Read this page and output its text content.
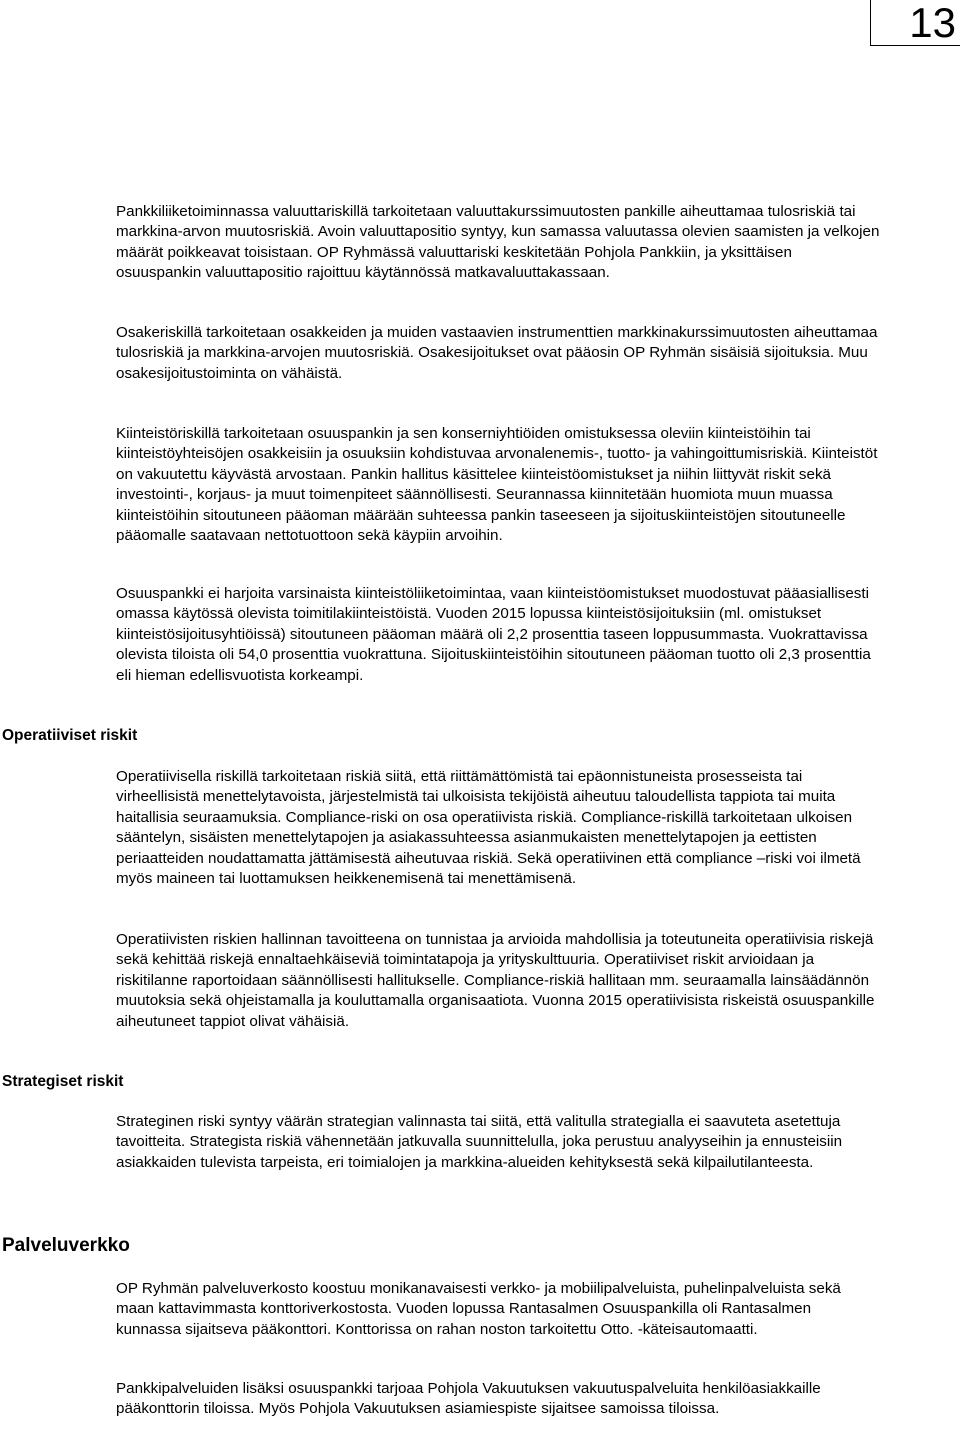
13

Pankkiliiketoiminnassa valuuttariskillä tarkoitetaan valuuttakurssimuutosten pankille aiheuttamaa tulosriskiä tai markkina-arvon muutosriskiä. Avoin valuuttapositio syntyy, kun samassa valuutassa olevien saamisten ja velkojen määrät poikkeavat toisistaan. OP Ryhmässä valuuttariski keskitetään Pohjola Pankkiin, ja yksittäisen osuuspankin valuuttapositio rajoittuu käytännössä matkavaluuttakassaan.

Osakeriskillä tarkoitetaan osakkeiden ja muiden vastaavien instrumenttien markkinakurssimuutosten aiheuttamaa tulosriskiä ja markkina-arvojen muutosriskiä. Osakesijoitukset ovat pääosin OP Ryhmän sisäisiä sijoituksia. Muu osakesijoitustoiminta on vähäistä.

Kiinteistöriskillä tarkoitetaan osuuspankin ja sen konserniyhtiöiden omistuksessa oleviin kiinteistöihin tai kiinteistöyhteisöjen osakkeisiin ja osuuksiin kohdistuvaa arvonalenemis-, tuotto- ja vahingoittumisriskiä. Kiinteistöt on vakuutettu käyvästä arvostaan. Pankin hallitus käsittelee kiinteistöomistukset ja niihin liittyvät riskit sekä investointi-, korjaus- ja muut toimenpiteet säännöllisesti. Seurannassa kiinnitetään huomiota muun muassa kiinteistöihin sitoutuneen pääoman määrään suhteessa pankin taseeseen ja sijoituskiinteistöjen sitoutuneelle pääomalle saatavaan nettotuottoon sekä käypiin arvoihin.

Osuuspankki ei harjoita varsinaista kiinteistöliiketoimintaa, vaan kiinteistöomistukset muodostuvat pääasiallisesti omassa käytössä olevista toimitilakiinteistöistä. Vuoden 2015 lopussa kiinteistösijoituksiin (ml. omistukset kiinteistösijoitusyhtiöissä) sitoutuneen pääoman määrä oli 2,2 prosenttia taseen loppusummasta. Vuokrattavissa olevista tiloista oli 54,0 prosenttia vuokrattuna. Sijoituskiinteistöihin sitoutuneen pääoman tuotto oli 2,3 prosenttia eli hieman edellisvuotista korkeampi.

Operatiiviset riskit

Operatiivisella riskillä tarkoitetaan riskiä siitä, että riittämättömistä tai epäonnistuneista prosesseista tai virheellisistä menettelytavoista, järjestelmistä tai ulkoisista tekijöistä aiheutuu taloudellista tappiota tai muita haitallisia seuraamuksia. Compliance-riski on osa operatiivista riskiä. Compliance-riskillä tarkoitetaan ulkoisen sääntelyn, sisäisten menettelytapojen ja asiakassuhteessa asianmukaisten menettelytapojen ja eettisten periaatteiden noudattamatta jättämisestä aiheutuvaa riskiä. Sekä operatiivinen että compliance –riski voi ilmetä myös maineen tai luottamuksen heikkenemisenä tai menettämisenä.

Operatiivisten riskien hallinnan tavoitteena on tunnistaa ja arvioida mahdollisia ja toteutuneita operatiivisia riskejä sekä kehittää riskejä ennaltaehkäiseviä toimintatapoja ja yrityskulttuuria. Operatiiviset riskit arvioidaan ja riskitilanne raportoidaan säännöllisesti hallitukselle. Compliance-riskiä hallitaan mm. seuraamalla lainsäädännön muutoksia sekä ohjeistamalla ja kouluttamalla organisaatiota. Vuonna 2015 operatiivisista riskeistä osuuspankille aiheutuneet tappiot olivat vähäisiä.

Strategiset riskit

Strateginen riski syntyy väärän strategian valinnasta tai siitä, että valitulla strategialla ei saavuteta asetettuja tavoitteita. Strategista riskiä vähennetään jatkuvalla suunnittelulla, joka perustuu analyyseihin ja ennusteisiin asiakkaiden tulevista tarpeista, eri toimialojen ja markkina-alueiden kehityksestä sekä kilpailutilanteesta.

Palveluverkko

OP Ryhmän palveluverkosto koostuu monikanavaisesti verkko- ja mobiilipalveluista, puhelinpalveluista sekä maan kattavimmasta konttoriverkostosta. Vuoden lopussa Rantasalmen Osuuspankilla oli Rantasalmen kunnassa sijaitseva pääkonttori. Konttorissa on rahan noston tarkoitettu Otto. -käteisautomaatti.

Pankkipalveluiden lisäksi osuuspankki tarjoaa Pohjola Vakuutuksen vakuutuspalveluita henkilöasiakkaille pääkonttorin tiloissa. Myös Pohjola Vakuutuksen asiamiespiste sijaitsee samoissa tiloissa.
